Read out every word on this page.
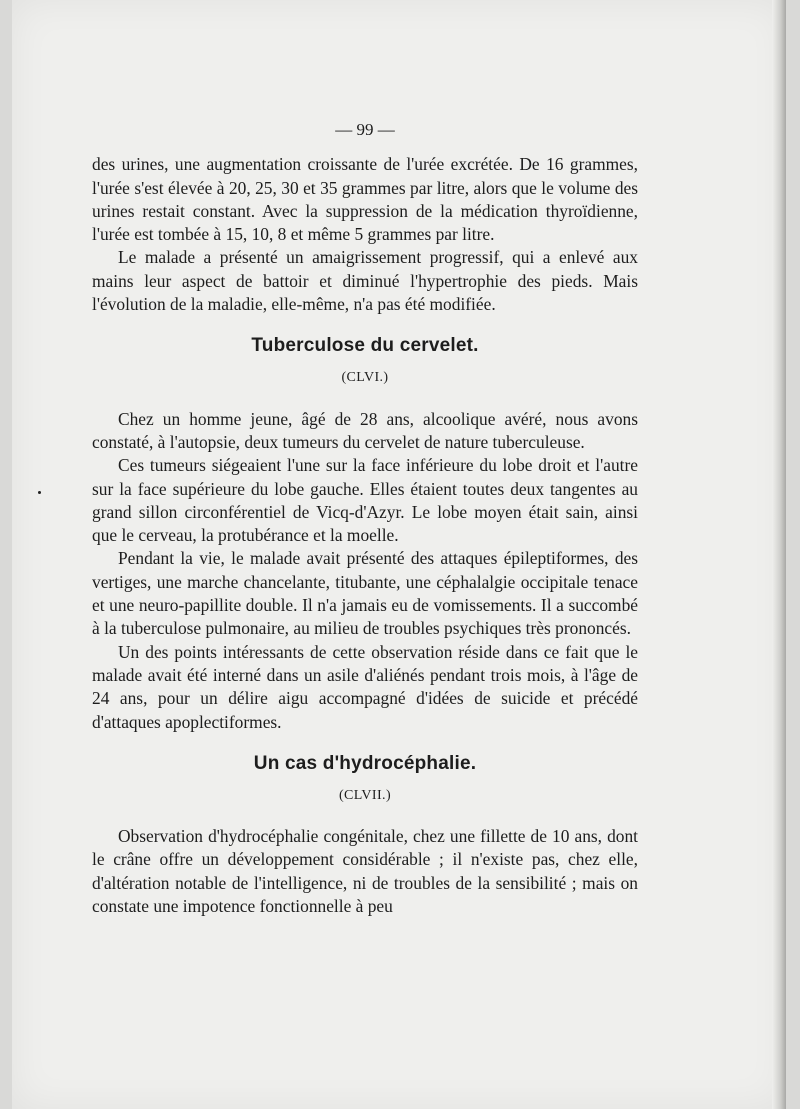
— 99 —

des urines, une augmentation croissante de l'urée excrétée. De 16 grammes, l'urée s'est élevée à 20, 25, 30 et 35 grammes par litre, alors que le volume des urines restait constant. Avec la suppression de la médication thyroïdienne, l'urée est tombée à 15, 10, 8 et même 5 grammes par litre.

Le malade a présenté un amaigrissement progressif, qui a enlevé aux mains leur aspect de battoir et diminué l'hypertrophie des pieds. Mais l'évolution de la maladie, elle-même, n'a pas été modifiée.

Tuberculose du cervelet.
(CLVI.)

Chez un homme jeune, âgé de 28 ans, alcoolique avéré, nous avons constaté, à l'autopsie, deux tumeurs du cervelet de nature tuberculeuse.

Ces tumeurs siégeaient l'une sur la face inférieure du lobe droit et l'autre sur la face supérieure du lobe gauche. Elles étaient toutes deux tangentes au grand sillon circonférentiel de Vicq-d'Azyr. Le lobe moyen était sain, ainsi que le cerveau, la protubérance et la moelle.

Pendant la vie, le malade avait présenté des attaques épileptiformes, des vertiges, une marche chancelante, titubante, une céphalalgie occipitale tenace et une neuro-papillite double. Il n'a jamais eu de vomissements. Il a succombé à la tuberculose pulmonaire, au milieu de troubles psychiques très prononcés.

Un des points intéressants de cette observation réside dans ce fait que le malade avait été interné dans un asile d'aliénés pendant trois mois, à l'âge de 24 ans, pour un délire aigu accompagné d'idées de suicide et précédé d'attaques apoplectiformes.

Un cas d'hydrocéphalie.
(CLVII.)

Observation d'hydrocéphalie congénitale, chez une fillette de 10 ans, dont le crâne offre un développement considérable ; il n'existe pas, chez elle, d'altération notable de l'intelligence, ni de troubles de la sensibilité ; mais on constate une impotence fonctionnelle à peu
